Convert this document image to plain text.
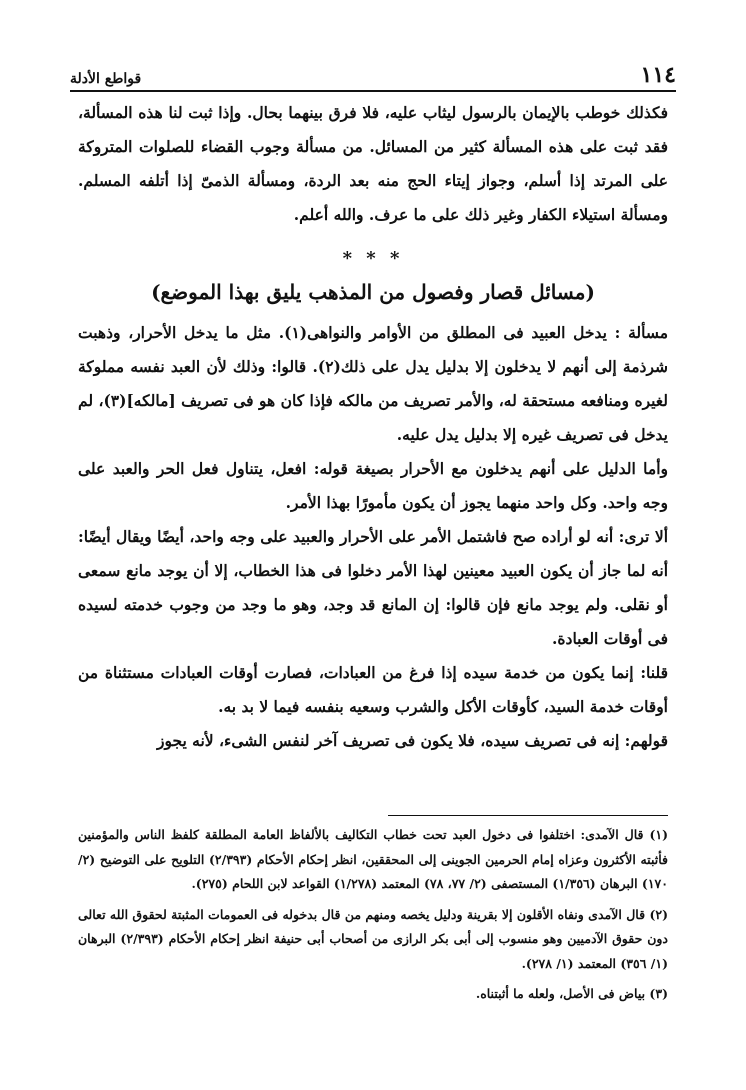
١١٤
قواطع الأدلة

فكذلك خوطب بالإيمان بالرسول ليثاب عليه، فلا فرق بينهما بحال. وإذا ثبت لنا هذه المسألة، فقد ثبت على هذه المسألة كثير من المسائل. من مسألة وجوب القضاء للصلوات المتروكة على المرتد إذا أسلم، وجواز إيتاء الحج منه بعد الردة، ومسألة الذمىّ إذا أتلفه المسلم. ومسألة استيلاء الكفار وغير ذلك على ما عرف. والله أعلم.

* * *
(مسائل قصار وفصول من المذهب يليق بهذا الموضع)

مسألة : يدخل العبيد فى المطلق من الأوامر والنواهى(١). مثل ما يدخل الأحرار، وذهبت شرذمة إلى أنهم لا يدخلون إلا بدليل يدل على ذلك(٢). قالوا: وذلك لأن العبد نفسه مملوكة لغيره ومنافعه مستحقة له، والأمر تصريف من مالكه فإذا كان هو فى تصريف [مالكه](٣)، لم يدخل فى تصريف غيره إلا بدليل يدل عليه.

وأما الدليل على أنهم يدخلون مع الأحرار بصيغة قوله: افعل، يتناول فعل الحر والعبد على وجه واحد. وكل واحد منهما يجوز أن يكون مأمورًا بهذا الأمر.

ألا ترى: أنه لو أراده صح فاشتمل الأمر على الأحرار والعبيد على وجه واحد، أيضًا ويقال أيضًا: أنه لما جاز أن يكون العبيد معينين لهذا الأمر دخلوا فى هذا الخطاب، إلا أن يوجد مانع سمعى أو نقلى. ولم يوجد مانع فإن قالوا: إن المانع قد وجد، وهو ما وجد من وجوب خدمته لسيده فى أوقات العبادة.

قلنا: إنما يكون من خدمة سيده إذا فرغ من العبادات، فصارت أوقات العبادات مستثناة من أوقات خدمة السيد، كأوقات الأكل والشرب وسعيه بنفسه فيما لا بد به.

قولهم: إنه فى تصريف سيده، فلا يكون فى تصريف آخر لنفس الشىء، لأنه يجوز

(١) قال الآمدى: اختلفوا فى دخول العبد تحت خطاب التكاليف بالألفاظ العامة المطلقة كلفظ الناس والمؤمنين فأثبته الأكثرون وعزاه إمام الحرمين الجوينى إلى المحققين، انظر إحكام الأحكام (٢/٣٩٣) التلويح على التوضيح (٢/ ١٧٠) البرهان (١/٣٥٦) المستصفى (٢/ ٧٧، ٧٨) المعتمد (١/٢٧٨) القواعد لابن اللحام (٢٧٥).

(٢) قال الآمدى ونفاه الأقلون إلا بقرينة ودليل يخصه ومنهم من قال بدخوله فى العمومات المثبتة لحقوق الله تعالى دون حقوق الآدميين وهو منسوب إلى أبى بكر الرازى من أصحاب أبى حنيفة انظر إحكام الأحكام (٢/٣٩٣) البرهان (١/ ٣٥٦) المعتمد (١/ ٢٧٨).

(٣) بياض فى الأصل، ولعله ما أثبتناه.
